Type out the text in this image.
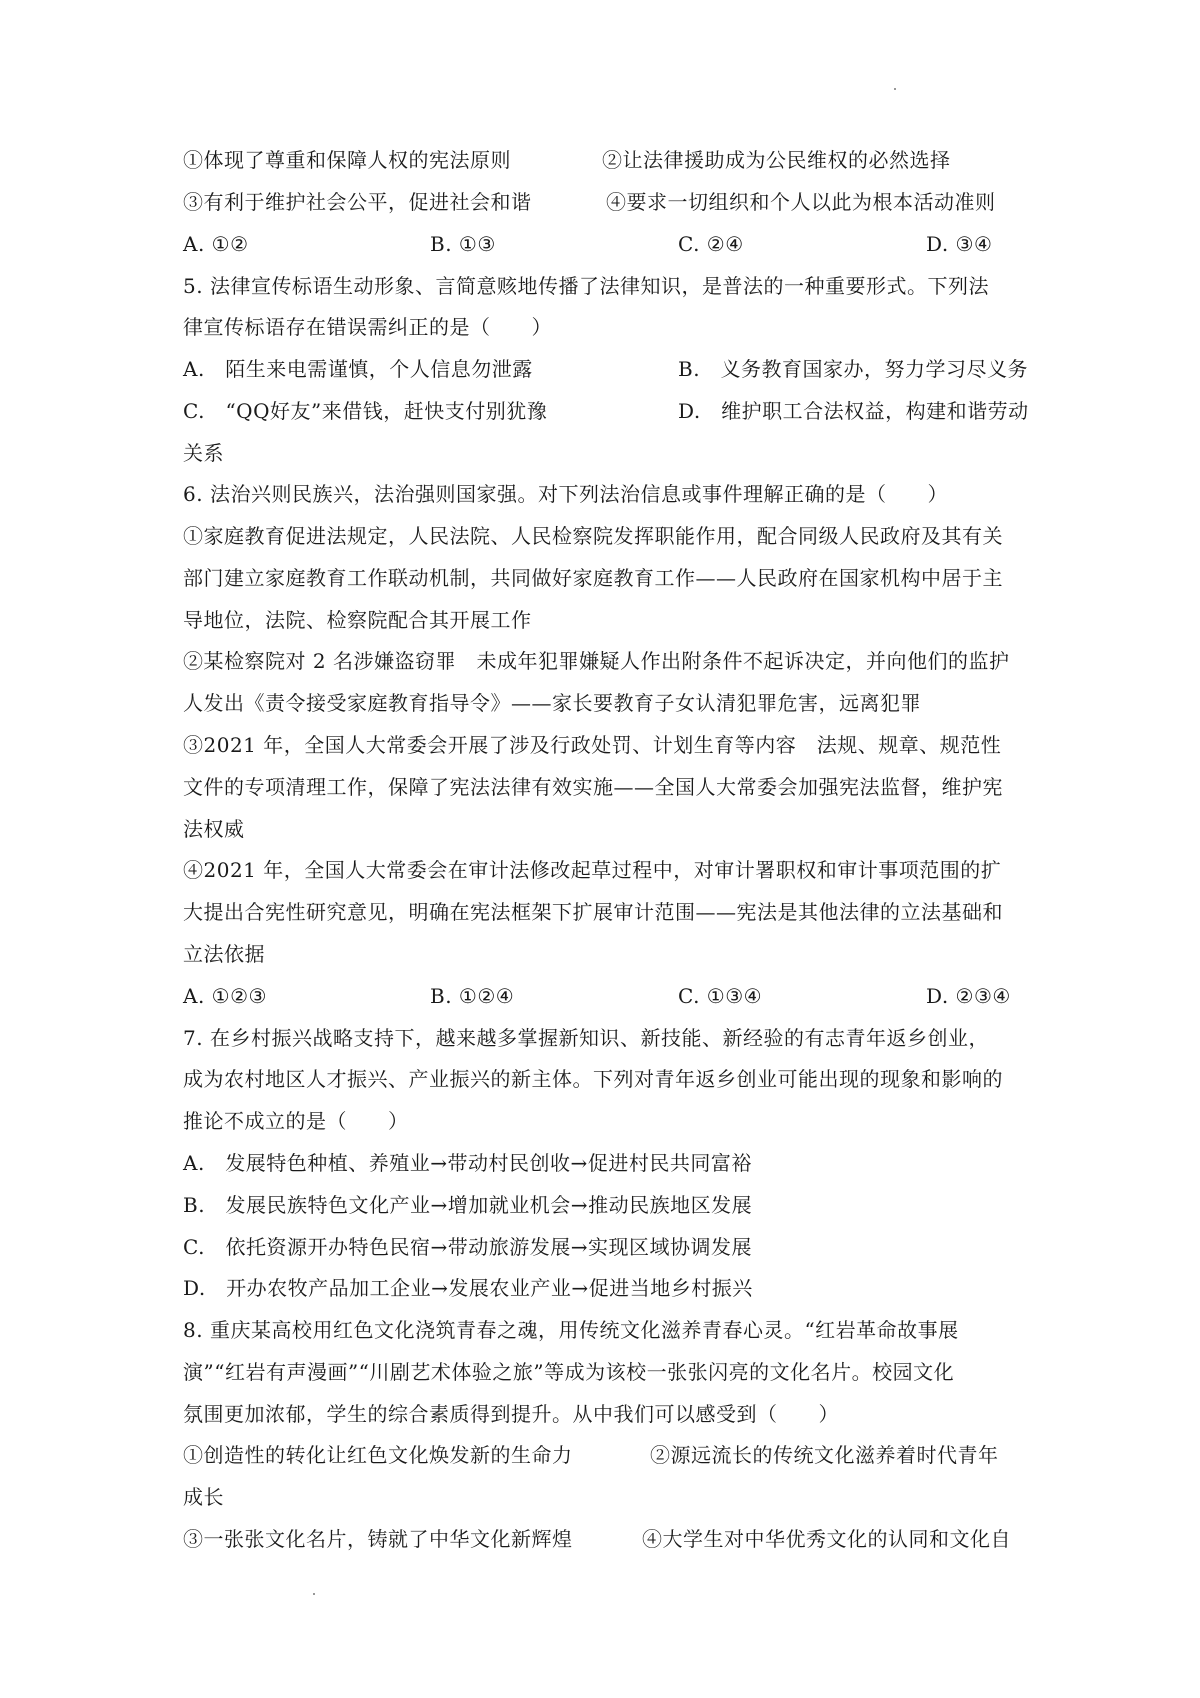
①体现了尊重和保障人权的宪法原则	②让法律援助成为公民维权的必然选择
③有利于维护社会公平，促进社会和谐	④要求一切组织和个人以此为根本活动准则
A. ①②	B. ①③	C. ②④	D. ③④
5. 法律宣传标语生动形象、言简意赅地传播了法律知识，是普法的一种重要形式。下列法
律宣传标语存在错误需纠正的是（　　）
A.　陌生来电需谨慎，个人信息勿泄露	B.　义务教育国家办，努力学习尽义务
C.　“QQ好友”来借钱，赶快支付别犹豫	D.　维护职工合法权益，构建和谐劳动
关系
6. 法治兴则民族兴，法治强则国家强。对下列法治信息或事件理解正确的是（　　）
①家庭教育促进法规定，人民法院、人民检察院发挥职能作用，配合同级人民政府及其有关
部门建立家庭教育工作联动机制，共同做好家庭教育工作——人民政府在国家机构中居于主
导地位，法院、检察院配合其开展工作
②某检察院对 2 名涉嫌盗窃罪　未成年犯罪嫌疑人作出附条件不起诉决定，并向他们的监护
人发出《责令接受家庭教育指导令》——家长要教育子女认清犯罪危害，远离犯罪
③2021 年，全国人大常委会开展了涉及行政处罚、计划生育等内容　法规、规章、规范性
文件的专项清理工作，保障了宪法法律有效实施——全国人大常委会加强宪法监督，维护宪
法权威
④2021 年，全国人大常委会在审计法修改起草过程中，对审计署职权和审计事项范围的扩
大提出合宪性研究意见，明确在宪法框架下扩展审计范围——宪法是其他法律的立法基础和
立法依据
A. ①②③	B. ①②④	C. ①③④	D. ②③④
7. 在乡村振兴战略支持下，越来越多掌握新知识、新技能、新经验的有志青年返乡创业，
成为农村地区人才振兴、产业振兴的新主体。下列对青年返乡创业可能出现的现象和影响的
推论不成立的是（　　）
A.　发展特色种植、养殖业→带动村民创收→促进村民共同富裕
B.　发展民族特色文化产业→增加就业机会→推动民族地区发展
C.　依托资源开办特色民宿→带动旅游发展→实现区域协调发展
D.　开办农牧产品加工企业→发展农业产业→促进当地乡村振兴
8. 重庆某高校用红色文化浇筑青春之魂，用传统文化滋养青春心灵。“红岩革命故事展
演”“红岩有声漫画”“川剧艺术体验之旅”等成为该校一张张闪亮的文化名片。校园文化
氛围更加浓郁，学生的综合素质得到提升。从中我们可以感受到（　　）
①创造性的转化让红色文化焕发新的生命力	②源远流长的传统文化滋养着时代青年
成长
③一张张文化名片，铸就了中华文化新辉煌	④大学生对中华优秀文化的认同和文化自
